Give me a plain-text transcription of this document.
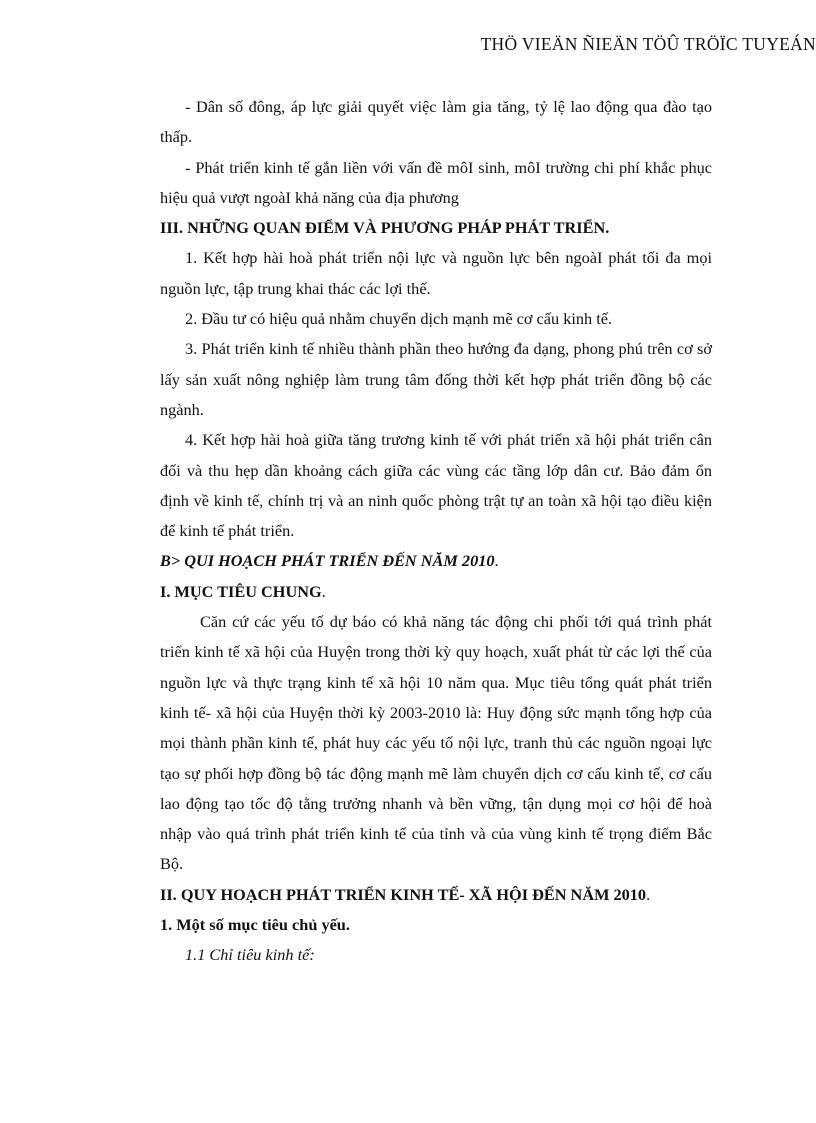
THÖ VIEÄN ÑIEÄN TÖÛ TRÖÏC TUYEÁN

- Dân số đông, áp lực giải quyết việc làm gia tăng, tỷ lệ lao động qua đào tạo thấp.

- Phát triển kinh tế gắn liền với vấn đề môI sinh, môI trường chi phí khắc phục hiệu quả vượt ngoàI khả năng của địa phương

III. NHỮNG QUAN ĐIỂM VÀ PHƯƠNG PHÁP PHÁT TRIỂN.

1. Kết hợp hài hoà phát triển nội lực và nguồn lực bên ngoàI phát tối đa mọi nguồn lực, tập trung khai thác các lợi thế.

2. Đầu tư có hiệu quả nhằm chuyển dịch mạnh mẽ cơ cấu kinh tế.

3. Phát triển kinh tế nhiều thành phần theo hướng đa dạng, phong phú trên cơ sở lấy sản xuất nông nghiệp làm trung tâm đống thời kết hợp phát triển đồng bộ các ngành.

4. Kết hợp hài hoà giữa tăng trương kinh tế với phát triển xã hội phát triển cân đối và thu hẹp dần khoảng cách giữa các vùng các tầng lớp dân cư. Bảo đảm ổn định về kinh tế, chính trị và an ninh quốc phòng trật tự an toàn xã hội tạo điều kiện để kinh tế phát triển.

B> QUI HOẠCH PHÁT TRIỂN ĐẾN NĂM 2010.

I. MỤC TIÊU CHUNG.

Căn cứ các yếu tố dự báo có khả năng tác động chi phối tới quá trình phát triển kinh tế xã hội của Huyện trong thời kỳ quy hoạch, xuất phát từ các lợi thế của nguồn lực và thực trạng kinh tế xã hội 10 năm qua. Mục tiêu tổng quát phát triển kinh tế- xã hội của Huyện thời kỳ 2003-2010 là: Huy động sức mạnh tổng hợp của mọi thành phần kinh tế, phát huy các yếu tố nội lực, tranh thủ các nguồn ngoại lực tạo sự phối hợp đồng bộ tác động mạnh mẽ làm chuyển dịch cơ cấu kinh tế, cơ cấu lao động tạo tốc độ tằng trưởng nhanh và bền vững, tận dụng mọi cơ hội để hoà nhập vào quá trình phát triển kinh tế của tỉnh và của vùng kinh tế trọng điểm Bắc Bộ.

II. QUY HOẠCH PHÁT TRIỂN KINH TẾ- XÃ HỘI ĐẾN NĂM 2010.

1. Một số mục tiêu chủ yếu.

1.1 Chỉ tiêu kinh tế:
